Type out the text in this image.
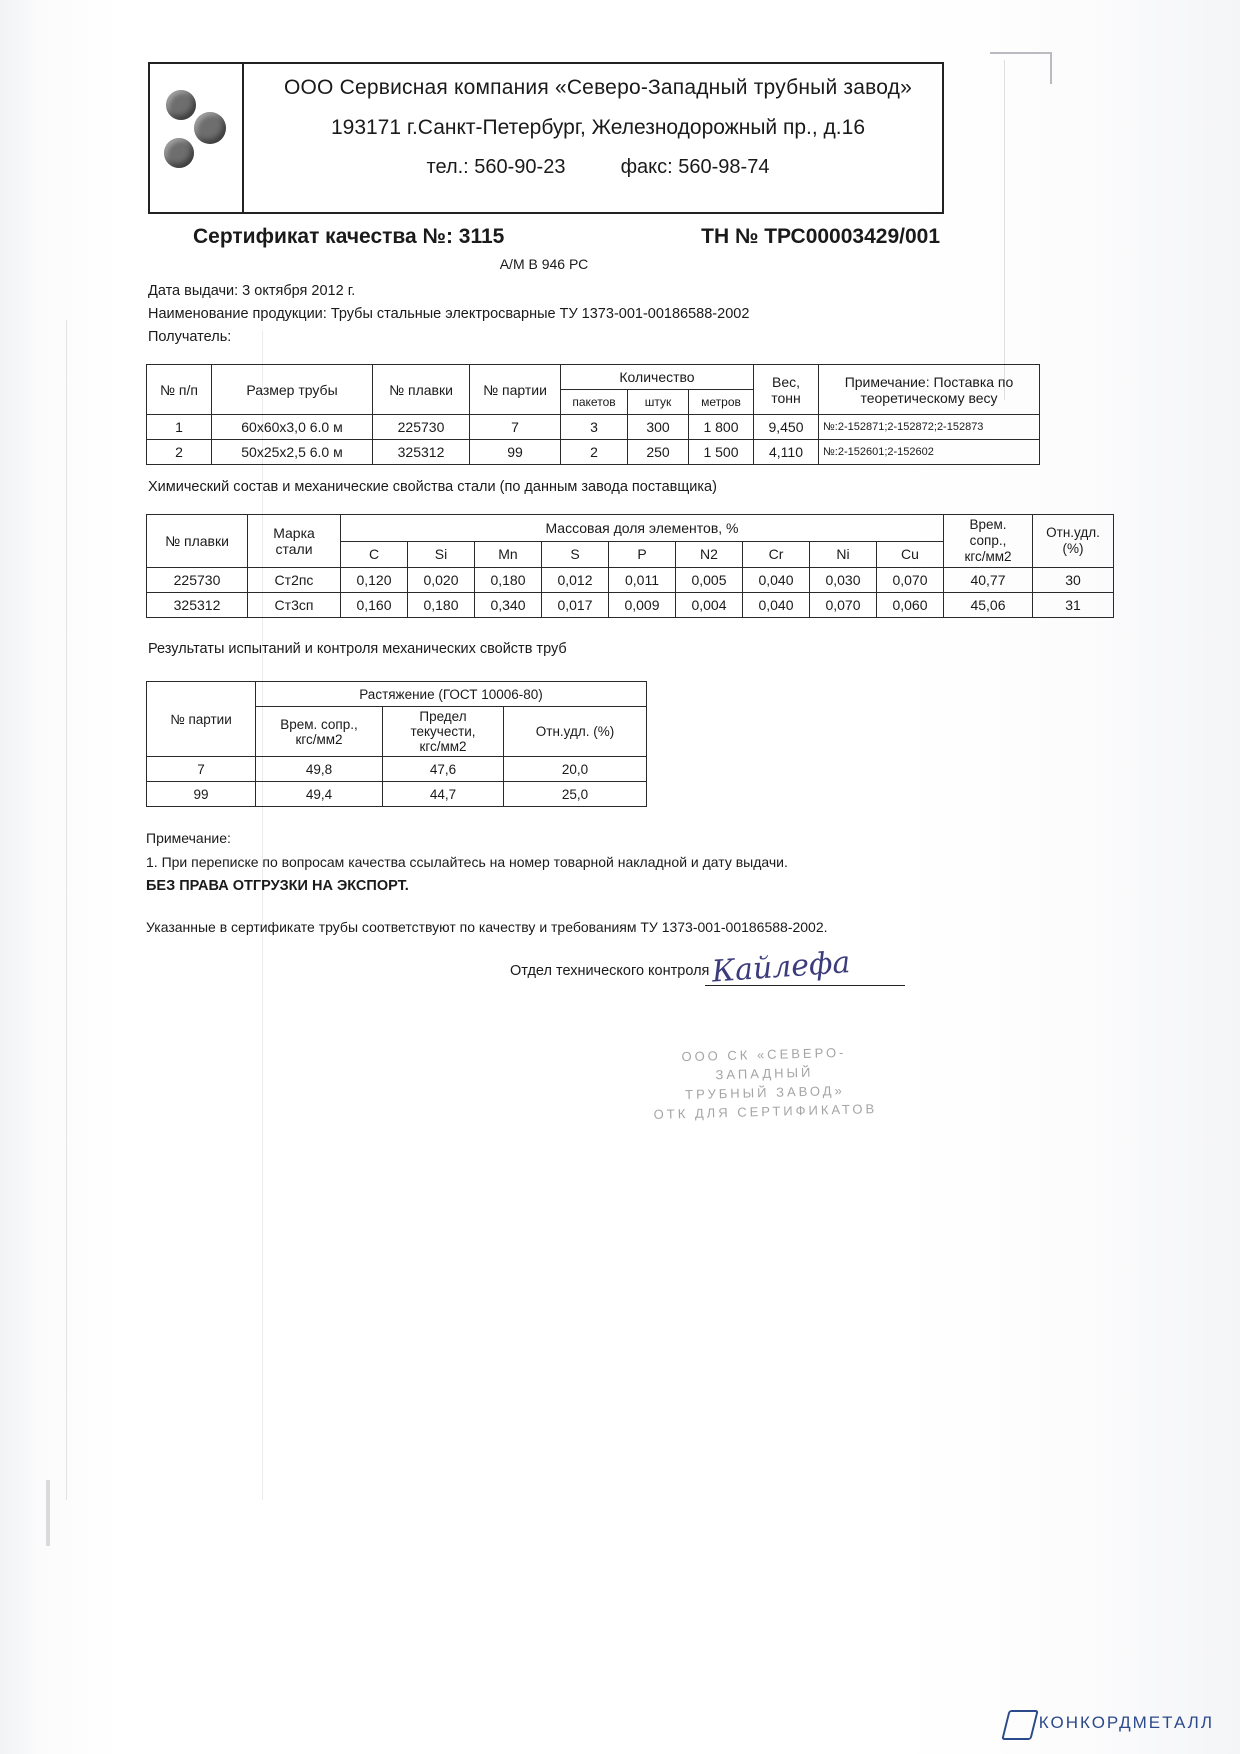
ООО Сервисная компания «Северо-Западный трубный завод»
193171 г.Санкт-Петербург, Железнодорожный пр., д.16
тел.: 560-90-23	факс: 560-98-74
Сертификат качества №: 3115	ТН № ТРС00003429/001
А/М В 946 РС
Дата выдачи: 3 октября 2012 г.
Наименование продукции: Трубы стальные электросварные ТУ 1373-001-00186588-2002
Получатель:
№ п/п	Размер трубы	№ плавки	№ партии	Количество	Вес,
тонн

Примечание: Поставка по
теоретическому весу

				пакетов	штук	метров		
1	60x60x3,0 6.0 м	225730	7	3	300	1 800	9,450	№:2-152871;2-152872;2-152873
2	50x25x2,5 6.0 м	325312	99	2	250	1 500	4,110	№:2-152601;2-152602
Химический состав и механические свойства стали (по данным завода поставщика)
№ плавки	Марка
стали
	Массовая доля элементов, %	Врем.
сопр.,
кгс/мм2

Отн.удл.
(%)

		C	Si	Mn	S	P	N2	Cr	Ni	Cu		
225730	Ст2пс	0,120	0,020	0,180	0,012	0,011	0,005	0,040	0,030	0,070	40,77	30
325312	Ст3сп	0,160	0,180	0,340	0,017	0,009	0,004	0,040	0,070	0,060	45,06	31
Результаты испытаний и контроля механических свойств труб
№ партии	Растяжение (ГОСТ 10006-80)		

Врем. сопр.,
кгс/мм2

Предел
текучести,
кгс/мм2
	Отн.удл. (%)
7	49,8	47,6	20,0
99	49,4	44,7	25,0
Примечание:
1. При переписке по вопросам качества ссылайтесь на номер товарной накладной и дату выдачи.
БЕЗ ПРАВА ОТГРУЗКИ НА ЭКСПОРТ.
Указанные в сертификате трубы соответствуют по качеству и требованиям ТУ 1373-001-00186588-2002.
Отдел технического контроля Кайлефа
ООО СК «СЕВЕРО-
ЗАПАДНЫЙ
ТРУБНЫЙ ЗАВОД»
ОТК ДЛЯ СЕРТИФИКАТОВ
КОНКОРДМЕТАЛЛ
